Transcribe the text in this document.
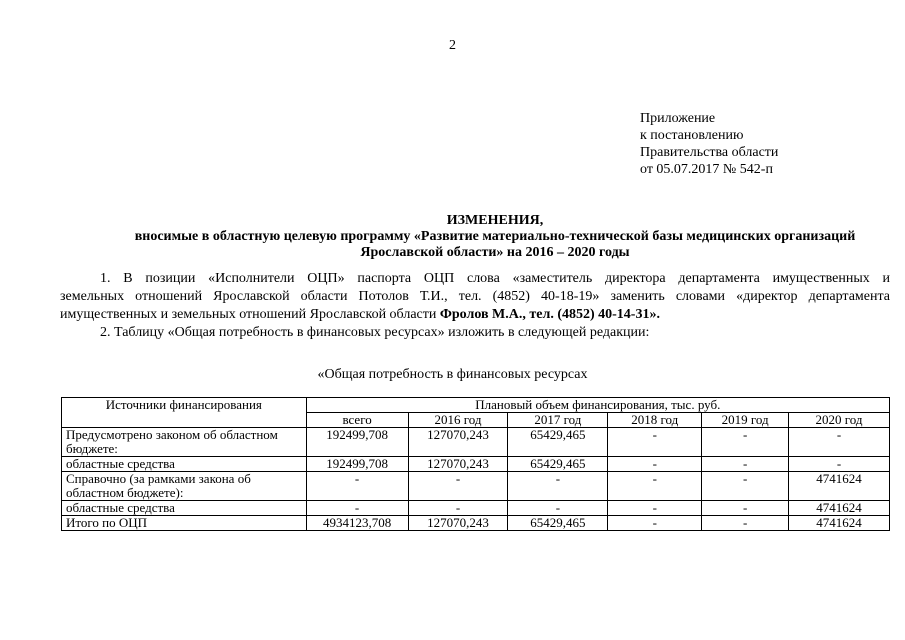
2
Приложение
к постановлению
Правительства области
от 05.07.2017 № 542-п
ИЗМЕНЕНИЯ,
вносимые в областную целевую программу «Развитие материально-технической базы медицинских организаций
Ярославской области» на 2016 – 2020 годы
1. В позиции «Исполнители ОЦП» паспорта ОЦП слова «заместитель директора департамента имущественных и
земельных отношений Ярославской области Потолов Т.И., тел. (4852) 40-18-19» заменить словами «директор департамента
имущественных и земельных отношений Ярославской области Фролов М.А., тел. (4852) 40-14-31».
2. Таблицу «Общая потребность в финансовых ресурсах» изложить в следующей редакции:
«Общая потребность в финансовых ресурсах
Источники финансирования	Плановый объем финансирования, тыс. руб.					
	всего	2016 год	2017 год	2018 год	2019 год	2020 год
Предусмотрено законом об областном бюджете:	192499,708	127070,243	65429,465	-	-	-
областные средства	192499,708	127070,243	65429,465	-	-	-
Справочно (за рамками закона об областном бюджете):	-	-	-	-	-	4741624
областные средства	-	-	-	-	-	4741624
Итого по ОЦП	4934123,708	127070,243	65429,465	-	-	4741624
